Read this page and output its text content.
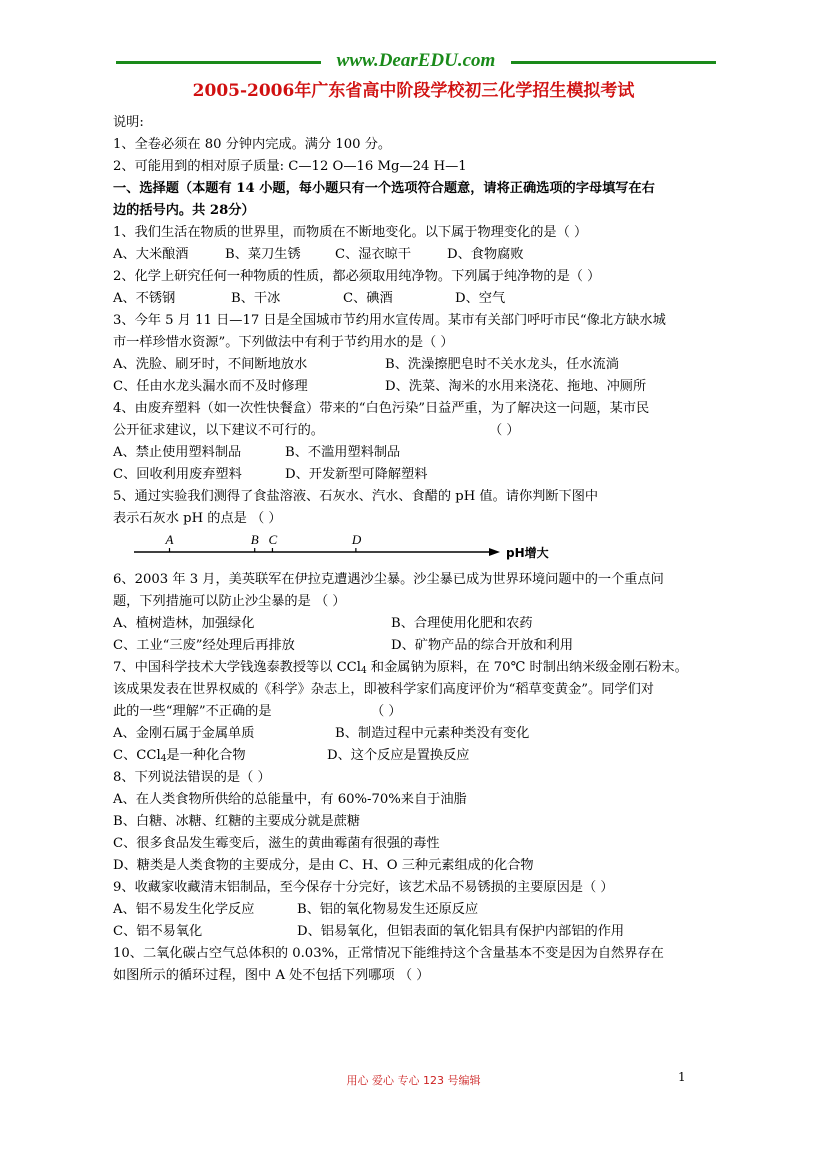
www.DearEDU.com
2005-2006年广东省高中阶段学校初三化学招生模拟考试
说明:
1、全卷必须在 80 分钟内完成。满分 100 分。
2、可能用到的相对原子质量: C—12 O—16 Mg—24 H—1
一、选择题（本题有 14 小题，每小题只有一个选项符合题意，请将正确选项的字母填写在右
边的括号内。共 28分）
1、我们生活在物质的世界里，而物质在不断地变化。以下属于物理变化的是（ ）
A、大米酿酒	B、菜刀生锈	C、湿衣晾干	D、食物腐败
2、化学上研究任何一种物质的性质，都必须取用纯净物。下列属于纯净物的是（ ）
A、不锈钢	B、干冰	C、碘酒	D、空气
3、今年 5 月 11 日—17 日是全国城市节约用水宣传周。某市有关部门呼吁市民“像北方缺水城
市一样珍惜水资源”。下列做法中有利于节约用水的是（ ）
A、洗脸、刷牙时，不间断地放水	B、洗澡擦肥皂时不关水龙头，任水流淌
C、任由水龙头漏水而不及时修理	D、洗菜、淘米的水用来浇花、拖地、冲厕所
4、由废弃塑料（如一次性快餐盒）带来的“白色污染”日益严重，为了解决这一问题，某市民
公开征求建议，以下建议不可行的。	（ ）
A、禁止使用塑料制品	B、不滥用塑料制品
C、回收利用废弃塑料	D、开发新型可降解塑料
5、通过实验我们测得了食盐溶液、石灰水、汽水、食醋的 pH 值。请你判断下图中
表示石灰水 pH 的点是 （ ）
A	B C	D
pH增大
6、2003 年 3 月，美英联军在伊拉克遭遇沙尘暴。沙尘暴已成为世界环境问题中的一个重点问
题，下列措施可以防止沙尘暴的是 （ ）
A、植树造林，加强绿化	B、合理使用化肥和农药
C、工业“三废”经处理后再排放	D、矿物产品的综合开放和利用
7、中国科学技术大学钱逸泰教授等以 CCl$_4$ 和金属钠为原料，在 70℃ 时制出纳米级金刚石粉末。
该成果发表在世界权威的《科学》杂志上，即被科学家们高度评价为“稻草变黄金”。同学们对
此的一些“理解”不正确的是	（ ）
A、金刚石属于金属单质	B、制造过程中元素种类没有变化
C、CCl$_4$是一种化合物	D、这个反应是置换反应
8、下列说法错误的是（ ）
A、在人类食物所供给的总能量中，有 60%-70%来自于油脂
B、白糖、冰糖、红糖的主要成分就是蔗糖
C、很多食品发生霉变后，滋生的黄曲霉菌有很强的毒性
D、糖类是人类食物的主要成分，是由 C、H、O 三种元素组成的化合物
9、收藏家收藏清末铝制品，至今保存十分完好，该艺术品不易锈损的主要原因是（ ）
A、铝不易发生化学反应	B、铝的氧化物易发生还原反应
C、铝不易氧化	D、铝易氧化，但铝表面的氧化铝具有保护内部铝的作用
10、二氧化碳占空气总体积的 0.03%，正常情况下能维持这个含量基本不变是因为自然界存在
如图所示的循环过程，图中 A 处不包括下列哪项 （ ）
用心 爱心 专心 123 号编辑	1
